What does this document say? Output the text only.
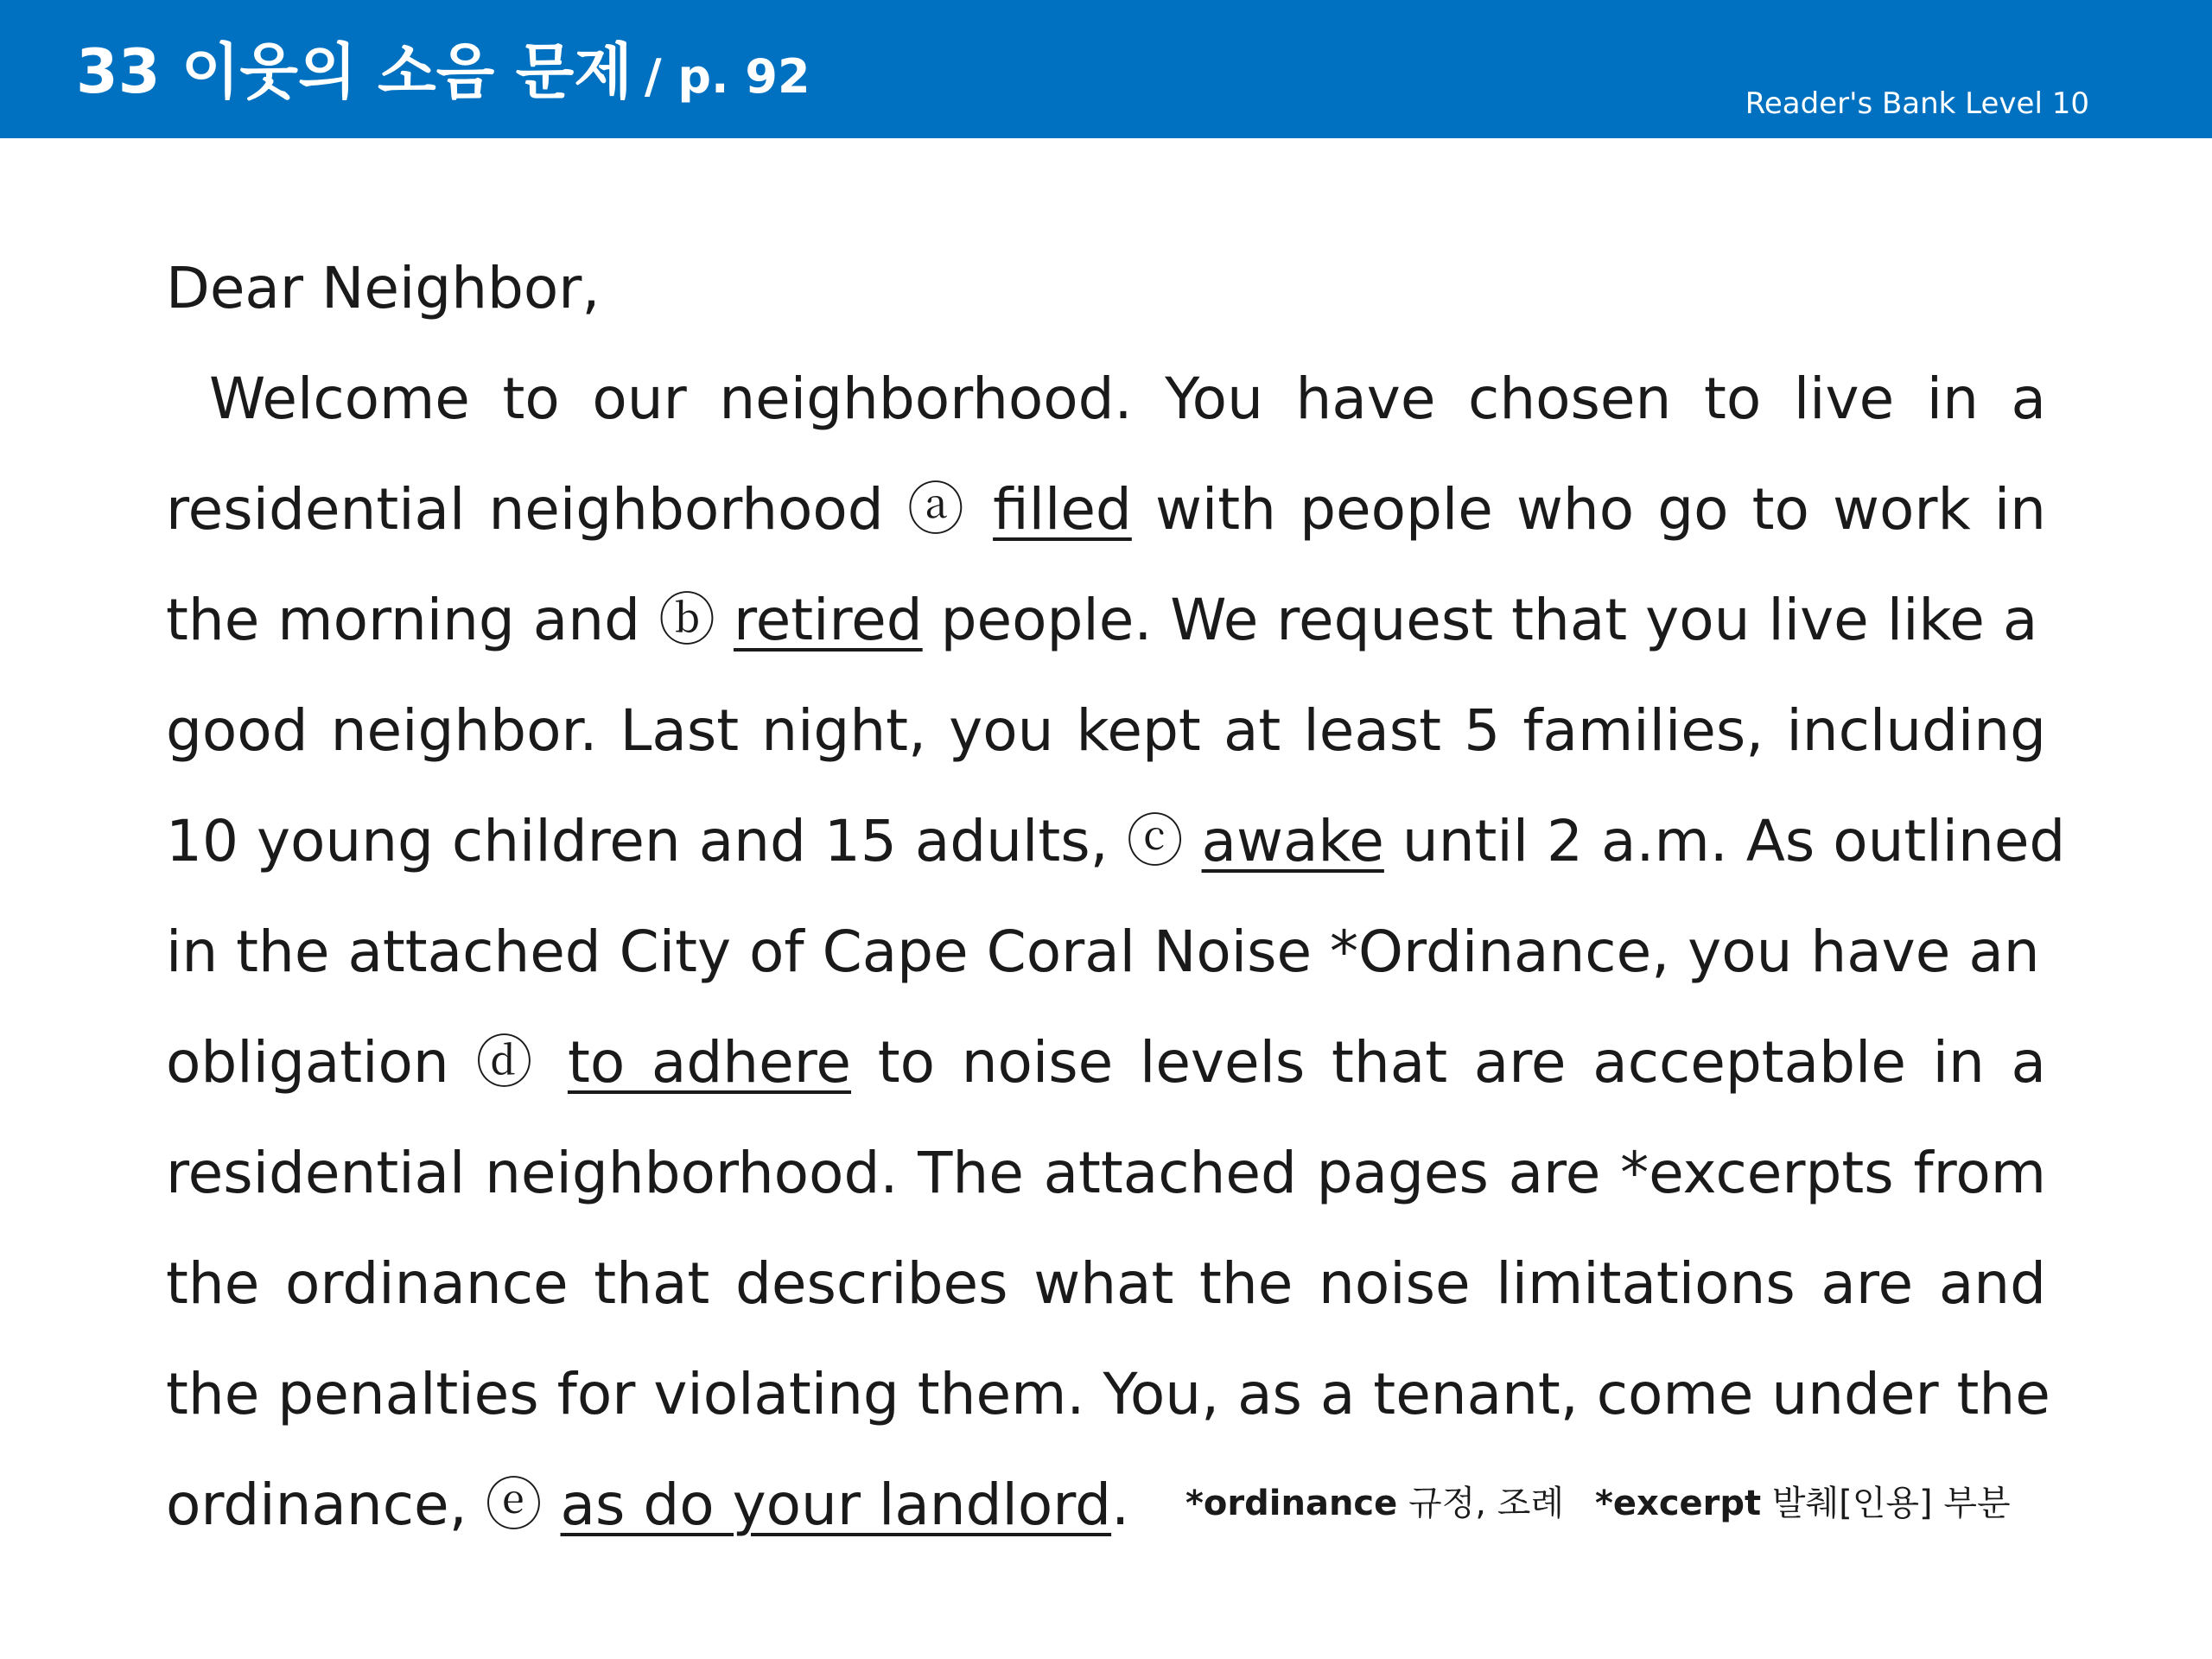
33 이웃의 소음 문제 / p. 92	Reader's Bank Level 10
Dear Neighbor,
Welcome to our neighborhood. You have chosen to live in a
residential neighborhood ⓐ filled with people who go to work in
the morning and ⓑ retired people. We request that you live like a
good neighbor. Last night, you kept at least 5 families, including
10 young children and 15 adults, ⓒ awake until 2 a.m. As outlined
in the attached City of Cape Coral Noise *Ordinance, you have an
obligation ⓓ to adhere to noise levels that are acceptable in a
residential neighborhood. The attached pages are *excerpts from
the ordinance that describes what the noise limitations are and
the penalties for violating them. You, as a tenant, come under the
ordinance, ⓔ as do your landlord.	*ordinance 규정, 조례 *excerpt 발췌[인용] 부분
